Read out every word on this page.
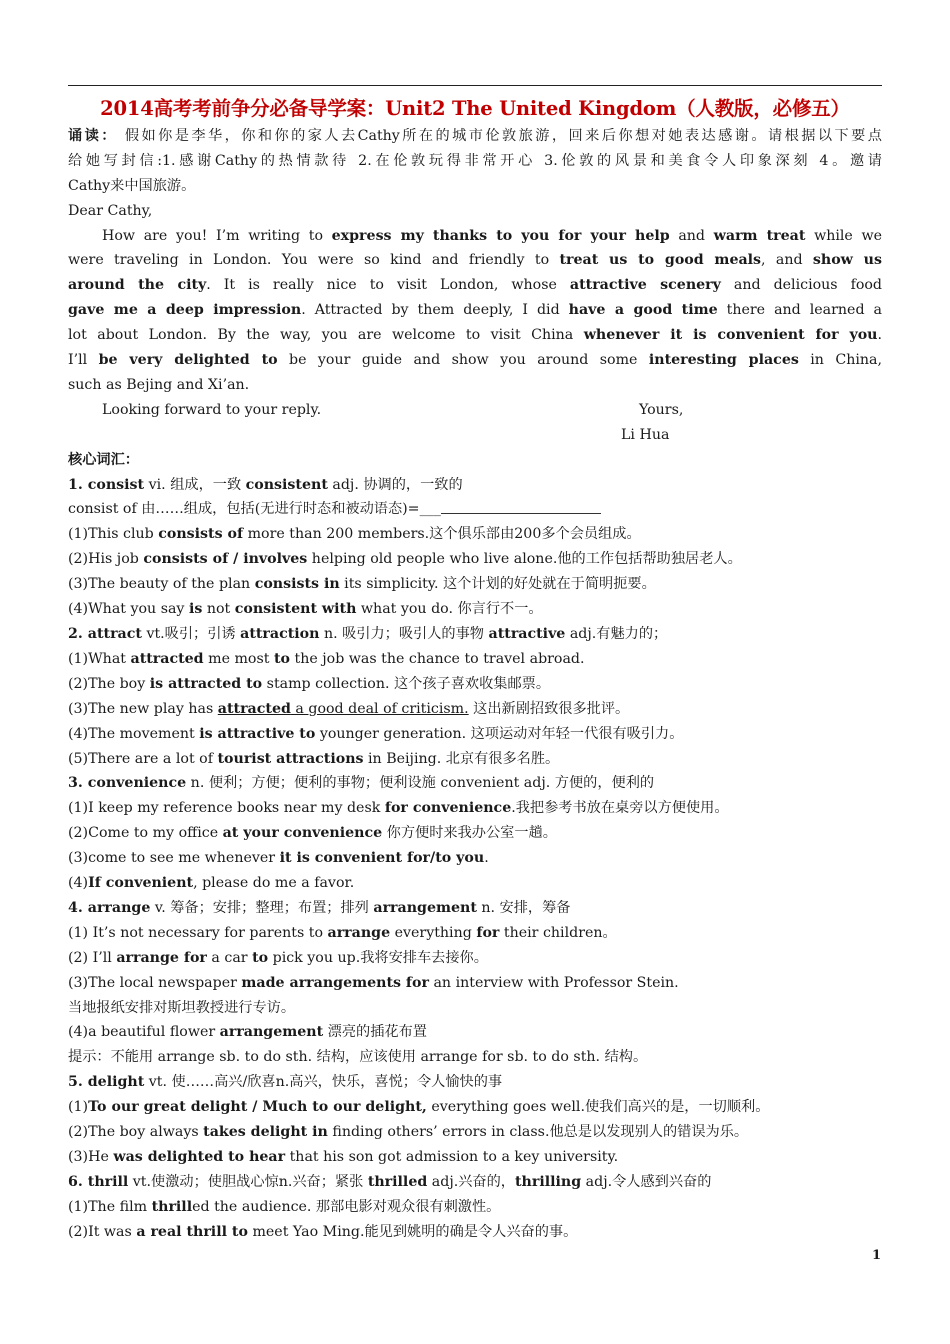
2014高考考前争分必备导学案：Unit2 The United Kingdom（人教版，必修五）
诵读： 假如你是李华，你和你的家人去Cathy所在的城市伦敦旅游，回来后你想对她表达感谢。请根据以下要点
给她写封信:1.感谢Cathy的热情款待 2.在伦敦玩得非常开心 3.伦敦的风景和美食令人印象深刻 4。邀请
Cathy来中国旅游。
Dear Cathy,
How are you! I’m writing to express my thanks to you for your help and warm treat while we
were traveling in London. You were so kind and friendly to treat us to good meals, and show us
around the city. It is really nice to visit London, whose attractive scenery and delicious food
gave me a deep impression. Attracted by them deeply, I did have a good time there and learned a
lot about London. By the way, you are welcome to visit China whenever it is convenient for you.
I’ll be very delighted to be your guide and show you around some interesting places in China,
such as Bejing and Xi’an.
Looking forward to your reply.	Yours,
Li Hua
核心词汇：
1. consist vi. 组成，一致 consistent adj. 协调的，一致的
consist of 由……组成，包括(无进行时态和被动语态)=___
(1)This club consists of more than 200 members.这个俱乐部由200多个会员组成。
(2)His job consists of / involves helping old people who live alone.他的工作包括帮助独居老人。
(3)The beauty of the plan consists in its simplicity. 这个计划的好处就在于简明扼要。
(4)What you say is not consistent with what you do. 你言行不一。
2. attract vt.吸引；引诱 attraction n. 吸引力；吸引人的事物 attractive adj.有魅力的；
(1)What attracted me most to the job was the chance to travel abroad.
(2)The boy is attracted to stamp collection. 这个孩子喜欢收集邮票。
(3)The new play has attracted a good deal of criticism. 这出新剧招致很多批评。
(4)The movement is attractive to younger generation. 这项运动对年轻一代很有吸引力。
(5)There are a lot of tourist attractions in Beijing. 北京有很多名胜。
3. convenience n. 便利；方便；便利的事物；便利设施 convenient adj. 方便的，便利的
(1)I keep my reference books near my desk for convenience.我把参考书放在桌旁以方便使用。
(2)Come to my office at your convenience 你方便时来我办公室一趟。
(3)come to see me whenever it is convenient for/to you.
(4)If convenient, please do me a favor.
4. arrange v. 筹备；安排；整理；布置；排列 arrangement n. 安排，筹备
(1) It’s not necessary for parents to arrange everything for their children。
(2) I’ll arrange for a car to pick you up.我将安排车去接你。
(3)The local newspaper made arrangements for an interview with Professor Stein.
当地报纸安排对斯坦教授进行专访。
(4)a beautiful flower arrangement 漂亮的插花布置
提示：不能用 arrange sb. to do sth. 结构，应该使用 arrange for sb. to do sth. 结构。
5. delight vt. 使……高兴/欣喜n.高兴，快乐，喜悦；令人愉快的事
(1)To our great delight / Much to our delight, everything goes well.使我们高兴的是，一切顺利。
(2)The boy always takes delight in finding others’ errors in class.他总是以发现别人的错误为乐。
(3)He was delighted to hear that his son got admission to a key university.
6. thrill vt.使激动；使胆战心惊n.兴奋；紧张 thrilled adj.兴奋的，thrilling adj.令人感到兴奋的
(1)The film thrilled the audience. 那部电影对观众很有刺激性。
(2)It was a real thrill to meet Yao Ming.能见到姚明的确是令人兴奋的事。
1
